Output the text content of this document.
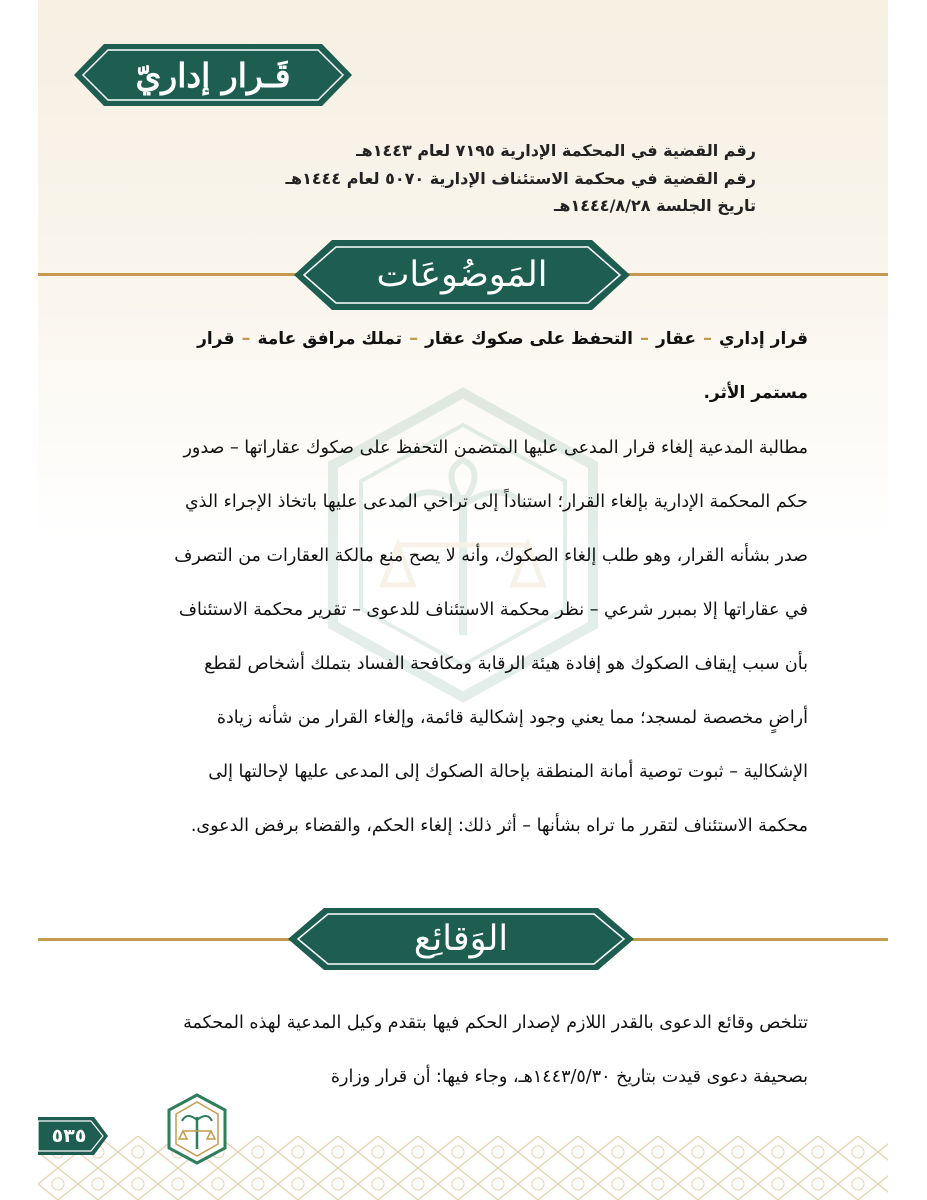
قَـرار إداريّ
رقم القضية في المحكمة الإدارية ٧١٩٥ لعام ١٤٤٣هـ
رقم القضية في محكمة الاستئناف الإدارية ٥٠٧٠ لعام ١٤٤٤هـ
تاريخ الجلسة ١٤٤٤/٨/٢٨هـ
المَوضُوعَات
قرار إداري–عقار–التحفظ على صكوك عقار–تملك مرافق عامة–قرار مستمر الأثر.
مطالبة المدعية إلغاء قرار المدعى عليها المتضمن التحفظ على صكوك عقاراتها – صدور حكم المحكمة الإدارية بإلغاء القرار؛ استناداً إلى تراخي المدعى عليها باتخاذ الإجراء الذي صدر بشأنه القرار، وهو طلب إلغاء الصكوك، وأنه لا يصح منع مالكة العقارات من التصرف في عقاراتها إلا بمبرر شرعي – نظر محكمة الاستئناف للدعوى – تقرير محكمة الاستئناف بأن سبب إيقاف الصكوك هو إفادة هيئة الرقابة ومكافحة الفساد بتملك أشخاص لقطع أراضٍ مخصصة لمسجد؛ مما يعني وجود إشكالية قائمة، وإلغاء القرار من شأنه زيادة الإشكالية – ثبوت توصية أمانة المنطقة بإحالة الصكوك إلى المدعى عليها لإحالتها إلى محكمة الاستئناف لتقرر ما تراه بشأنها – أثر ذلك: إلغاء الحكم، والقضاء برفض الدعوى.
الوَقائِع
تتلخص وقائع الدعوى بالقدر اللازم لإصدار الحكم فيها بتقدم وكيل المدعية لهذه المحكمة بصحيفة دعوى قيدت بتاريخ ١٤٤٣/٥/٣٠هـ، وجاء فيها: أن قرار وزارة
٥٣٥
